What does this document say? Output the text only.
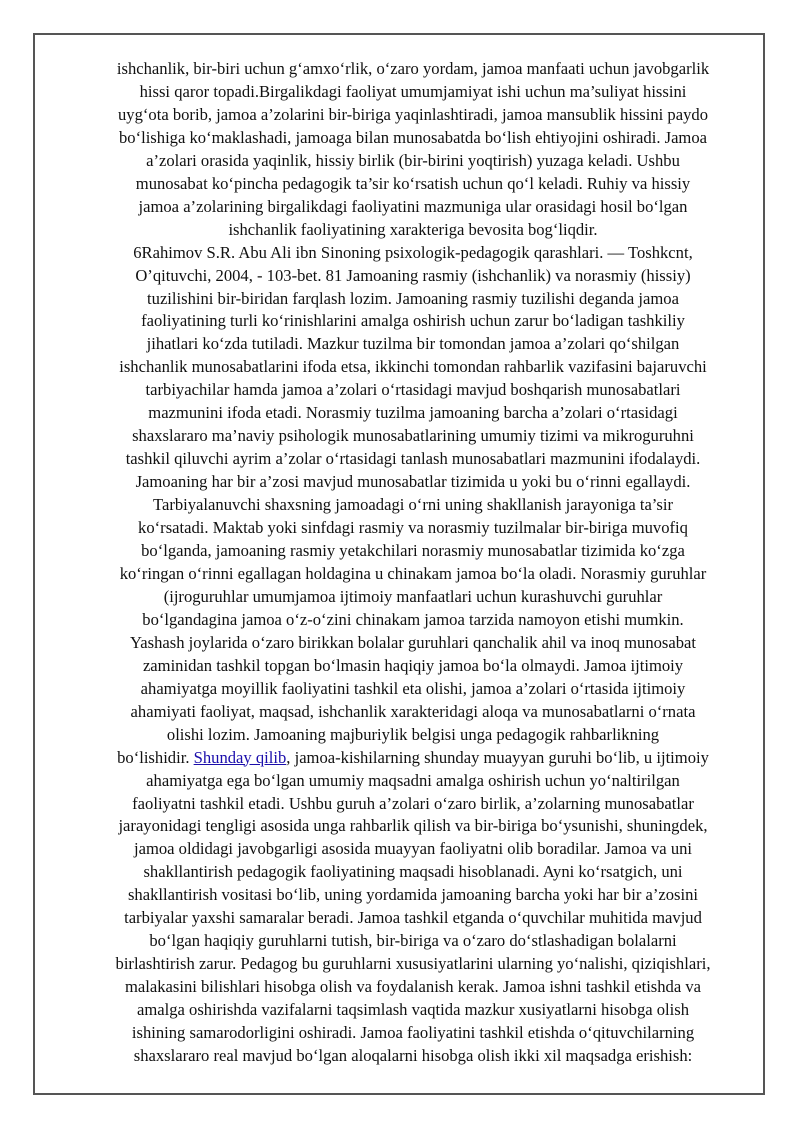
ishchanlik, bir-biri uchun g‘amxo‘rlik, o‘zaro yordam, jamoa manfaati uchun javobgarlik
hissi qaror topadi.Birgalikdagi faoliyat umumjamiyat ishi uchun ma’suliyat hissini
uyg‘ota borib, jamoa a’zolarini bir-biriga yaqinlashtiradi, jamoa mansublik hissini paydo
bo‘lishiga ko‘maklashadi, jamoaga bilan munosabatda bo‘lish ehtiyojini oshiradi. Jamoa
a’zolari orasida yaqinlik, hissiy birlik (bir-birini yoqtirish) yuzaga keladi. Ushbu
munosabat ko‘pincha pedagogik ta’sir ko‘rsatish uchun qo‘l keladi. Ruhiy va hissiy
jamoa a’zolarining birgalikdagi faoliyatini mazmuniga ular orasidagi hosil bo‘lgan
ishchanlik faoliyatining xarakteriga bevosita bog‘liqdir.
6Rahimov S.R. Abu Ali ibn Sinoning psixologik-pedagogik qarashlari. — Toshkcnt,
O’qituvchi, 2004, - 103-bet. 81 Jamoaning rasmiy (ishchanlik) va norasmiy (hissiy)
tuzilishini bir-biridan farqlash lozim. Jamoaning rasmiy tuzilishi deganda jamoa
faoliyatining turli ko‘rinishlarini amalga oshirish uchun zarur bo‘ladigan tashkiliy
jihatlari ko‘zda tutiladi. Mazkur tuzilma bir tomondan jamoa a’zolari qo‘shilgan
ishchanlik munosabatlarini ifoda etsa, ikkinchi tomondan rahbarlik vazifasini bajaruvchi
tarbiyachilar hamda jamoa a’zolari o‘rtasidagi mavjud boshqarish munosabatlari
mazmunini ifoda etadi. Norasmiy tuzilma jamoaning barcha a’zolari o‘rtasidagi
shaxslararo ma’naviy psihologik munosabatlarining umumiy tizimi va mikroguruhni
tashkil qiluvchi ayrim a’zolar o‘rtasidagi tanlash munosabatlari mazmunini ifodalaydi.
Jamoaning har bir a’zosi mavjud munosabatlar tizimida u yoki bu o‘rinni egallaydi.
Tarbiyalanuvchi shaxsning jamoadagi o‘rni uning shakllanish jarayoniga ta’sir
ko‘rsatadi. Maktab yoki sinfdagi rasmiy va norasmiy tuzilmalar bir-biriga muvofiq
bo‘lganda, jamoaning rasmiy yetakchilari norasmiy munosabatlar tizimida ko‘zga
ko‘ringan o‘rinni egallagan holdagina u chinakam jamoa bo‘la oladi. Norasmiy guruhlar
(ijroguruhlar umumjamoa ijtimoiy manfaatlari uchun kurashuvchi guruhlar
bo‘lgandagina jamoa o‘z-o‘zini chinakam jamoa tarzida namoyon etishi mumkin.
Yashash joylarida o‘zaro birikkan bolalar guruhlari qanchalik ahil va inoq munosabat
zaminidan tashkil topgan bo‘lmasin haqiqiy jamoa bo‘la olmaydi. Jamoa ijtimoiy
ahamiyatga moyillik faoliyatini tashkil eta olishi, jamoa a’zolari o‘rtasida ijtimoiy
ahamiyati faoliyat, maqsad, ishchanlik xarakteridagi aloqa va munosabatlarni o‘rnata
olishi lozim. Jamoaning majburiylik belgisi unga pedagogik rahbarlikning
bo‘lishidir. Shunday qilib, jamoa-kishilarning shunday muayyan guruhi bo‘lib, u ijtimoiy
ahamiyatga ega bo‘lgan umumiy maqsadni amalga oshirish uchun yo‘naltirilgan
faoliyatni tashkil etadi. Ushbu guruh a’zolari o‘zaro birlik, a’zolarning munosabatlar
jarayonidagi tengligi asosida unga rahbarlik qilish va bir-biriga bo‘ysunishi, shuningdek,
jamoa oldidagi javobgarligi asosida muayyan faoliyatni olib boradilar. Jamoa va uni
shakllantirish pedagogik faoliyatining maqsadi hisoblanadi. Ayni ko‘rsatgich, uni
shakllantirish vositasi bo‘lib, uning yordamida jamoaning barcha yoki har bir a’zosini
tarbiyalar yaxshi samaralar beradi. Jamoa tashkil etganda o‘quvchilar muhitida mavjud
bo‘lgan haqiqiy guruhlarni tutish, bir-biriga va o‘zaro do‘stlashadigan bolalarni
birlashtirish zarur. Pedagog bu guruhlarni xususiyatlarini ularning yo‘nalishi, qiziqishlari,
malakasini bilishlari hisobga olish va foydalanish kerak. Jamoa ishni tashkil etishda va
amalga oshirishda vazifalarni taqsimlash vaqtida mazkur xusiyatlarni hisobga olish
ishining samarodorligini oshiradi. Jamoa faoliyatini tashkil etishda o‘qituvchilarning
shaxslararo real mavjud bo‘lgan aloqalarni hisobga olish ikki xil maqsadga erishish:
